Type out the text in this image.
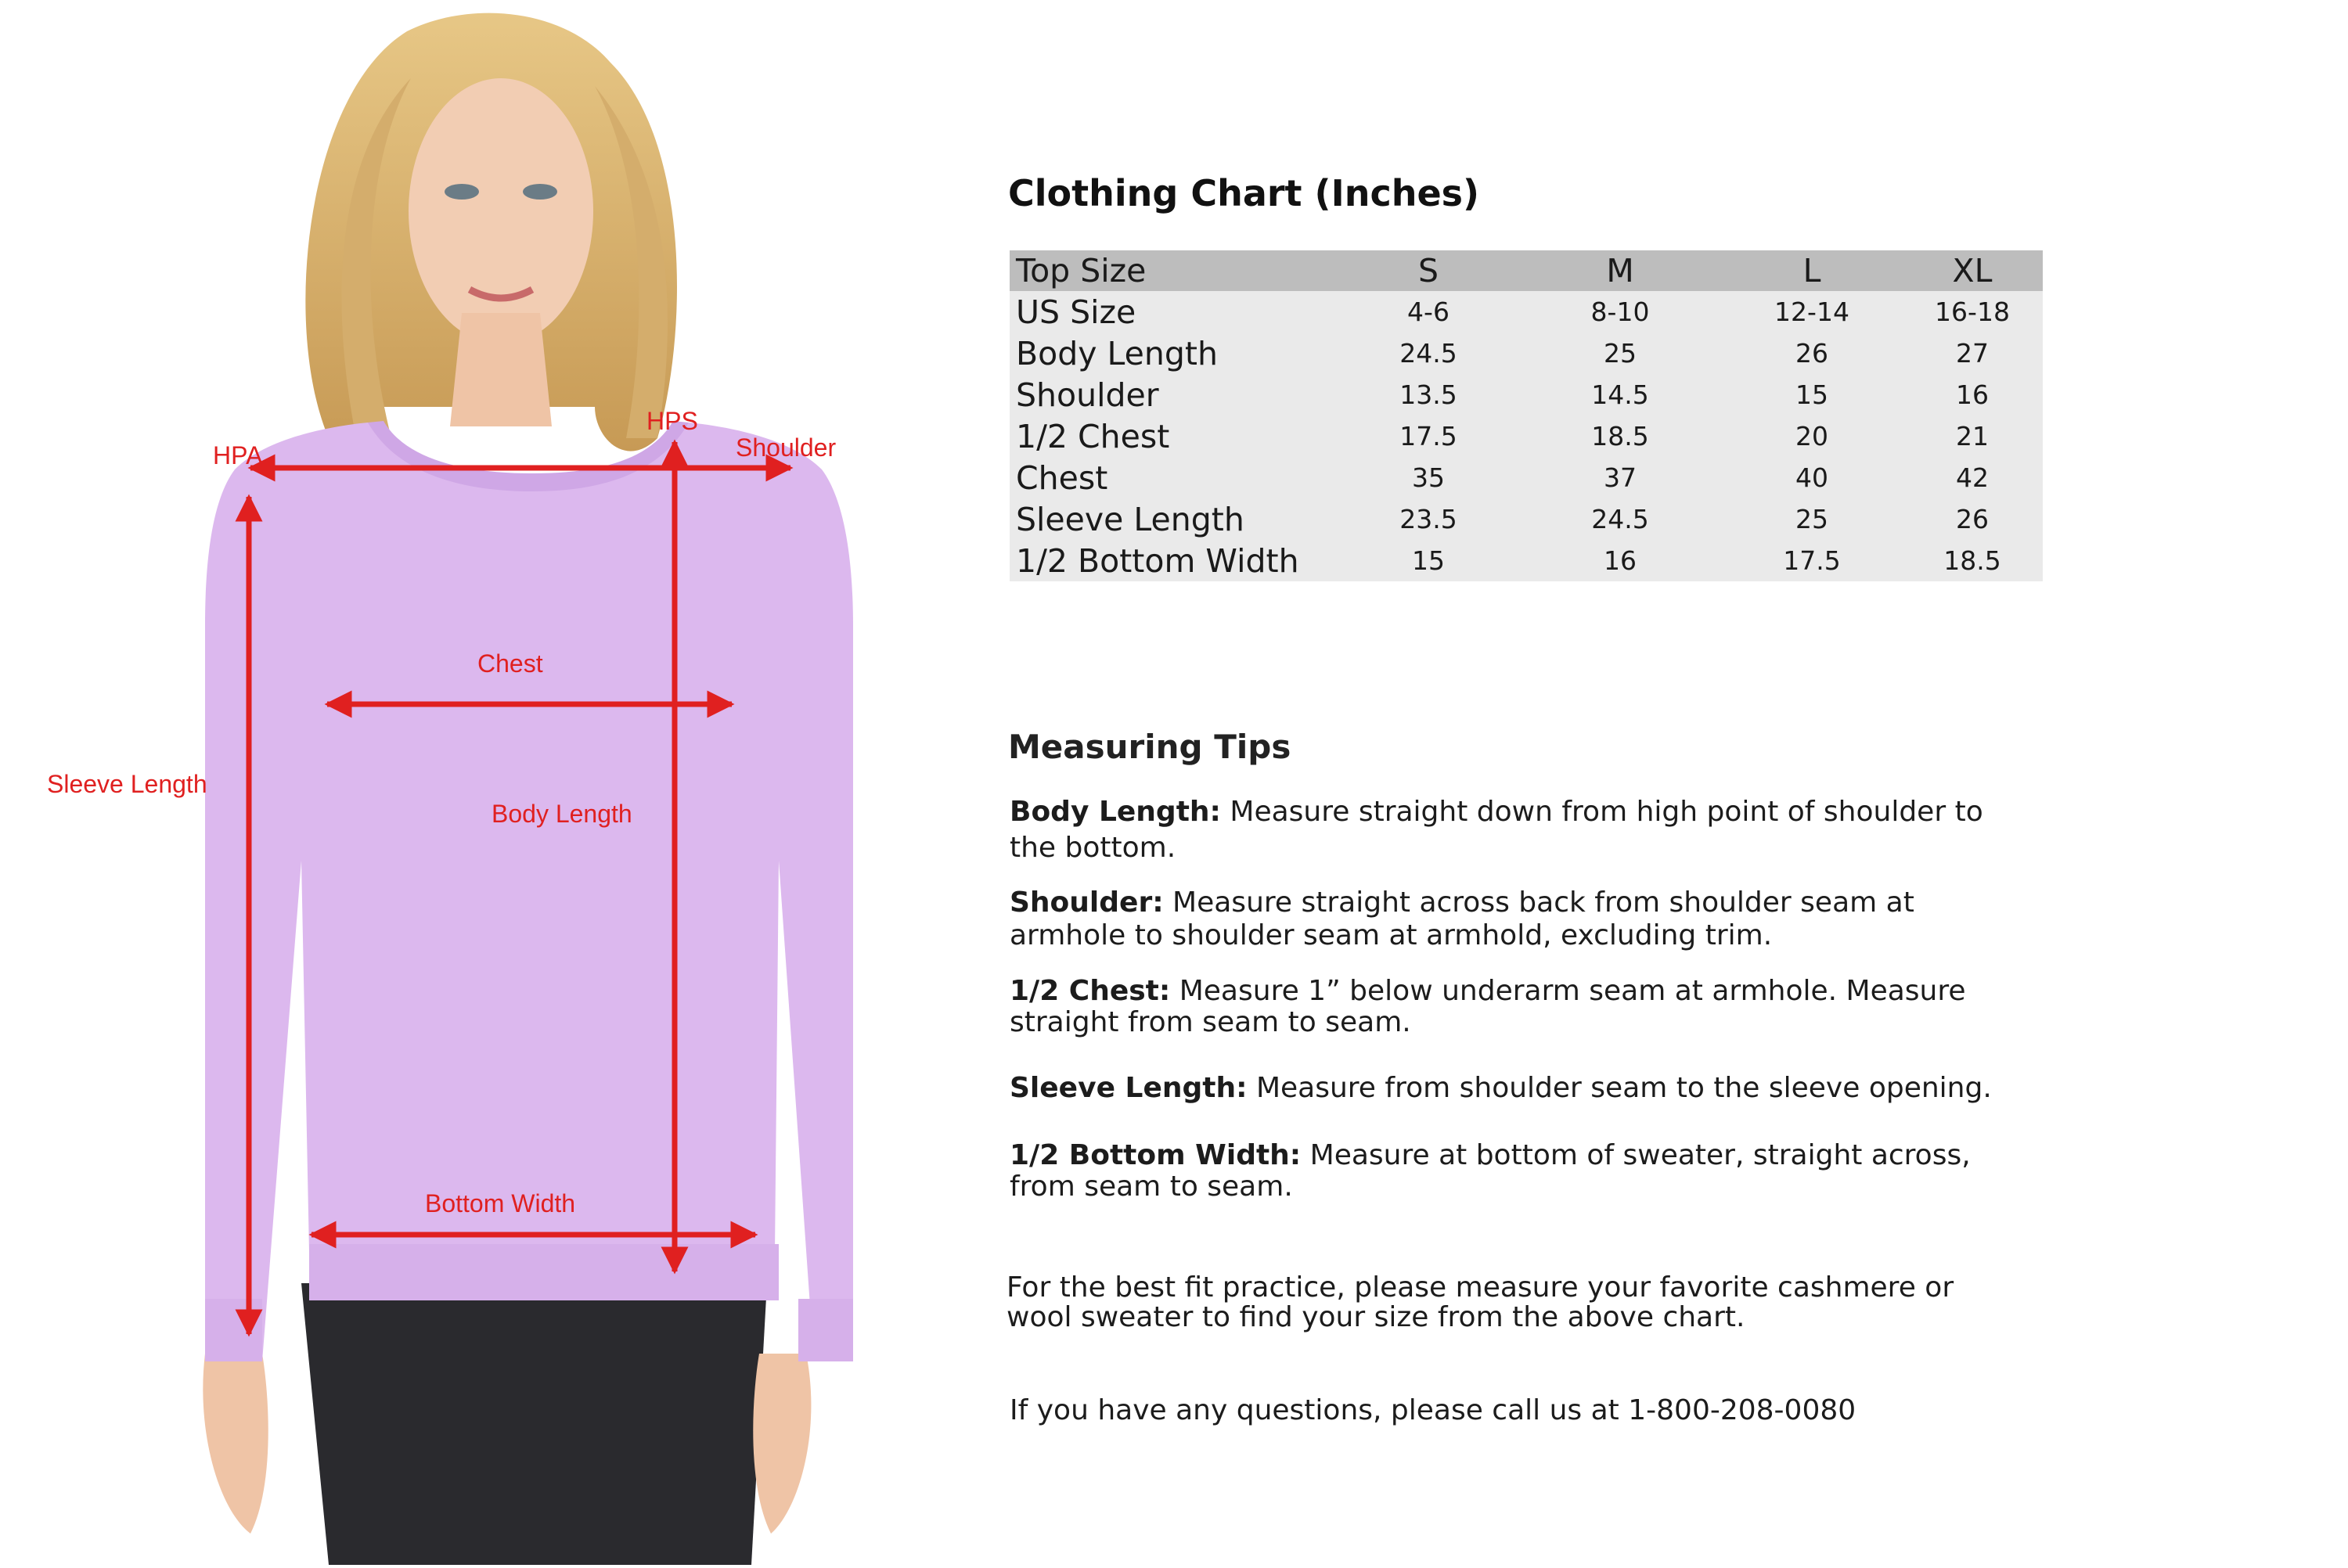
HPA
HPS
Shoulder
Chest
Sleeve Length
Body Length
Bottom Width
Clothing Chart (Inches)
Top Size	S	M	L	XL
US Size	4-6	8-10	12-14	16-18
Body Length	24.5	25	26	27
Shoulder	13.5	14.5	15	16
1/2 Chest	17.5	18.5	20	21
Chest	35	37	40	42
Sleeve Length	23.5	24.5	25	26
1/2 Bottom Width	15	16	17.5	18.5
Measuring Tips
Body Length: Measure straight down from high point of shoulder to the bottom.
Shoulder: Measure straight across back from shoulder seam at armhole to shoulder seam at armhold, excluding trim.
1/2 Chest: Measure 1” below underarm seam at armhole. Measure straight from seam to seam.
Sleeve Length: Measure from shoulder seam to the sleeve opening.
1/2 Bottom Width: Measure at bottom of sweater, straight across, from seam to seam.
For the best fit practice, please measure your favorite cashmere or wool sweater to find your size from the above chart.
If you have any questions, please call us at 1-800-208-0080
